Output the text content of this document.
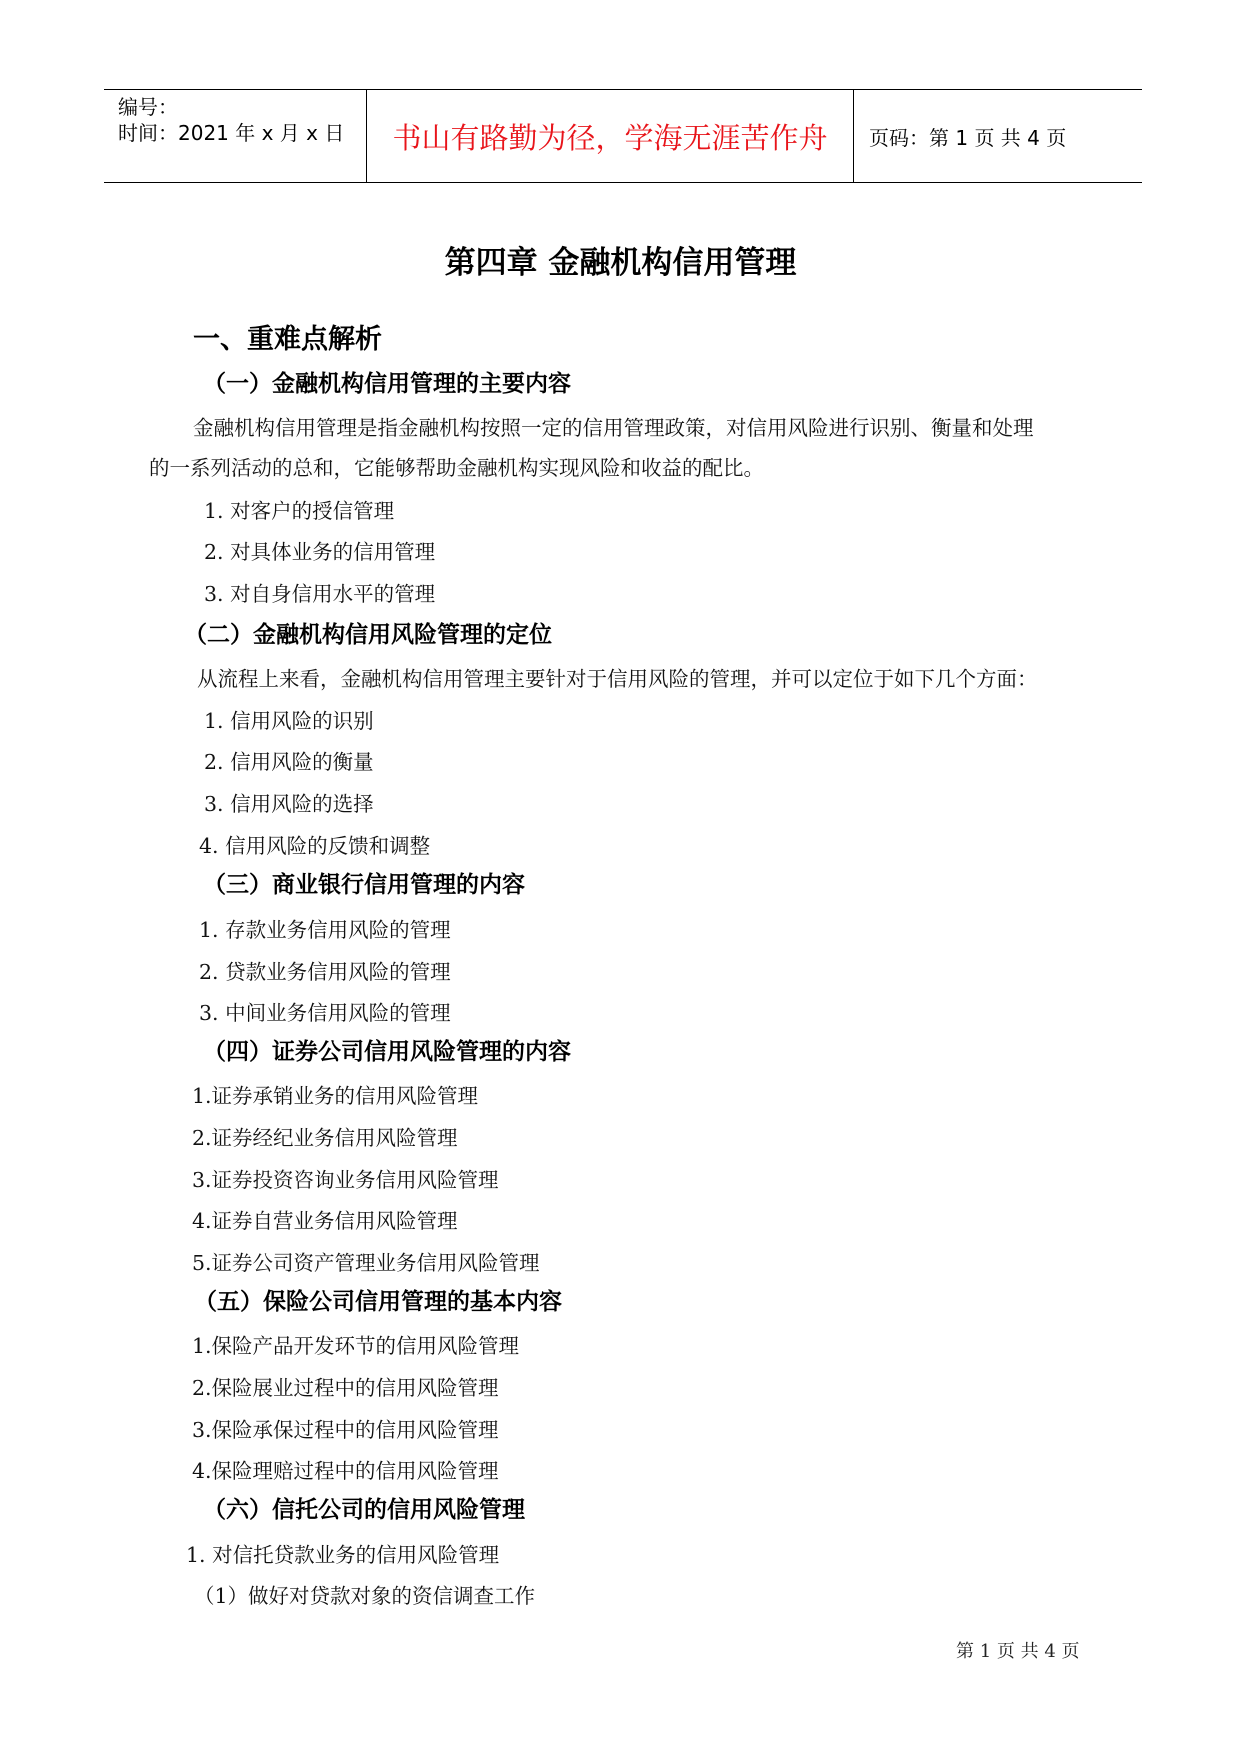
编号：
时间：2021 年 x 月 x 日	书山有路勤为径，学海无涯苦作舟	页码：第 1 页 共 4 页
第四章 金融机构信用管理
一、重难点解析
（一）金融机构信用管理的主要内容
金融机构信用管理是指金融机构按照一定的信用管理政策，对信用风险进行识别、衡量和处理
的一系列活动的总和，它能够帮助金融机构实现风险和收益的配比。
1. 对客户的授信管理
2. 对具体业务的信用管理
3. 对自身信用水平的管理
（二）金融机构信用风险管理的定位
从流程上来看，金融机构信用管理主要针对于信用风险的管理，并可以定位于如下几个方面：
1. 信用风险的识别
2. 信用风险的衡量
3. 信用风险的选择
4. 信用风险的反馈和调整
（三）商业银行信用管理的内容
1. 存款业务信用风险的管理
2. 贷款业务信用风险的管理
3. 中间业务信用风险的管理
（四）证券公司信用风险管理的内容
1.证券承销业务的信用风险管理
2.证券经纪业务信用风险管理
3.证券投资咨询业务信用风险管理
4.证券自营业务信用风险管理
5.证券公司资产管理业务信用风险管理
（五）保险公司信用管理的基本内容
1.保险产品开发环节的信用风险管理
2.保险展业过程中的信用风险管理
3.保险承保过程中的信用风险管理
4.保险理赔过程中的信用风险管理
（六）信托公司的信用风险管理
1. 对信托贷款业务的信用风险管理
（1）做好对贷款对象的资信调查工作
第 1 页 共 4 页
